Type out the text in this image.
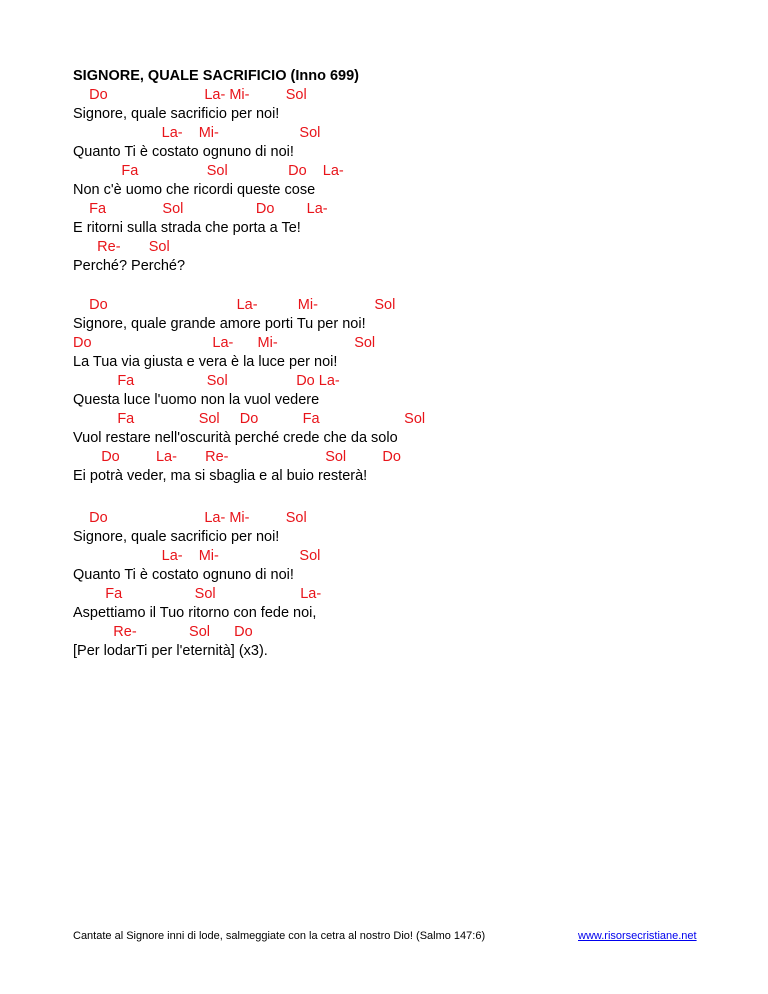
SIGNORE, QUALE SACRIFICIO (Inno 699)
Do                        La- Mi-         Sol
Signore, quale sacrificio per noi!
La-    Mi-                    Sol
Quanto Ti è costato ognuno di noi!
Fa                 Sol               Do    La-
Non c'è uomo che ricordi queste cose
Fa              Sol                  Do        La-
E ritorni sulla strada che porta a Te!
Re-       Sol
Perché? Perché?

Do                                La-          Mi-              Sol
Signore, quale grande amore porti Tu per noi!
Do                              La-      Mi-                   Sol
La Tua via giusta e vera è la luce per noi!
Fa                  Sol                 Do La-
Questa luce l'uomo non la vuol vedere
Fa                Sol     Do           Fa                     Sol
Vuol restare nell'oscurità perché crede che da solo
Do         La-       Re-                        Sol         Do
Ei potrà veder, ma si sbaglia e al buio resterà!

Do                        La- Mi-         Sol
Signore, quale sacrificio per noi!
La-    Mi-                    Sol
Quanto Ti è costato ognuno di noi!
Fa                  Sol                     La-
Aspettiamo il Tuo ritorno con fede noi,
Re-             Sol      Do
[Per lodarTi per l'eternità] (x3).
Cantate al Signore inni di lode, salmeggiate con la cetra al nostro Dio! (Salmo 147:6)	www.risorsecristiane.net
